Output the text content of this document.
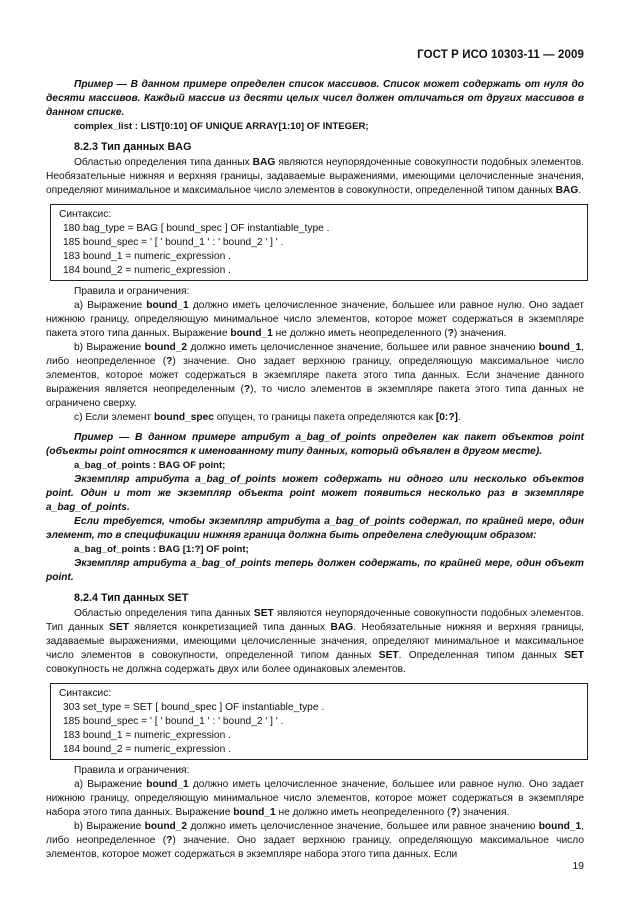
ГОСТ Р ИСО 10303-11 — 2009

Пример — В данном примере определен список массивов. Список может содержать от нуля до десяти массивов. Каждый массив из десяти целых чисел должен отличаться от других массивов в данном списке.

complex_list : LIST[0:10] OF UNIQUE ARRAY[1:10] OF INTEGER;

8.2.3 Тип данных BAG

Областью определения типа данных BAG являются неупорядоченные совокупности подобных элементов. Необязательные нижняя и верхняя границы, задаваемые выражениями, имеющими целочисленные значения, определяют минимальное и максимальное число элементов в совокупности, определенной типом данных BAG.

Синтаксис:
180 bag_type = BAG [ bound_spec ] OF instantiable_type .
185 bound_spec = ' [ ' bound_1 ' : ' bound_2 ' ] ' .
183 bound_1 = numeric_expression .
184 bound_2 = numeric_expression .

Правила и ограничения:

a) Выражение bound_1 должно иметь целочисленное значение, большее или равное нулю. Оно задает нижнюю границу, определяющую минимальное число элементов, которое может содержаться в экземпляре пакета этого типа данных. Выражение bound_1 не должно иметь неопределенного (?) значения.

b) Выражение bound_2 должно иметь целочисленное значение, большее или равное значению bound_1, либо неопределенное (?) значение. Оно задает верхнюю границу, определяющую максимальное число элементов, которое может содержаться в экземпляре пакета этого типа данных. Если значение данного выражения является неопределенным (?), то число элементов в экземпляре пакета этого типа данных не ограничено сверху.

c) Если элемент bound_spec опущен, то границы пакета определяются как [0:?].

Пример — В данном примере атрибут a_bag_of_points определен как пакет объектов point (объекты point относятся к именованному типу данных, который объявлен в другом месте).

a_bag_of_points : BAG OF point;

Экземпляр атрибута a_bag_of_points может содержать ни одного или несколько объектов point. Один и тот же экземпляр объекта point может появиться несколько раз в экземпляре a_bag_of_points.

Если требуется, чтобы экземпляр атрибута a_bag_of_points содержал, по крайней мере, один элемент, то в спецификации нижняя граница должна быть определена следующим образом:

a_bag_of_points : BAG [1:?] OF point;

Экземпляр атрибута a_bag_of_points теперь должен содержать, по крайней мере, один объект point.

8.2.4 Тип данных SET

Областью определения типа данных SET являются неупорядоченные совокупности подобных элементов. Тип данных SET является конкретизацией типа данных BAG. Необязательные нижняя и верхняя границы, задаваемые выражениями, имеющими целочисленные значения, определяют минимальное и максимальное число элементов в совокупности, определенной типом данных SET. Определенная типом данных SET совокупность не должна содержать двух или более одинаковых элементов.

Синтаксис:
303 set_type = SET [ bound_spec ] OF instantiable_type .
185 bound_spec = ' [ ' bound_1 ' : ' bound_2 ' ] ' .
183 bound_1 = numeric_expression .
184 bound_2 = numeric_expression .

Правила и ограничения:

a) Выражение bound_1 должно иметь целочисленное значение, большее или равное нулю. Оно задает нижнюю границу, определяющую минимальное число элементов, которое может содержаться в экземпляре набора этого типа данных. Выражение bound_1 не должно иметь неопределенного (?) значения.

b) Выражение bound_2 должно иметь целочисленное значение, большее или равное значению bound_1, либо неопределенное (?) значение. Оно задает верхнюю границу, определяющую максимальное число элементов, которое может содержаться в экземпляре набора этого типа данных. Если

19
